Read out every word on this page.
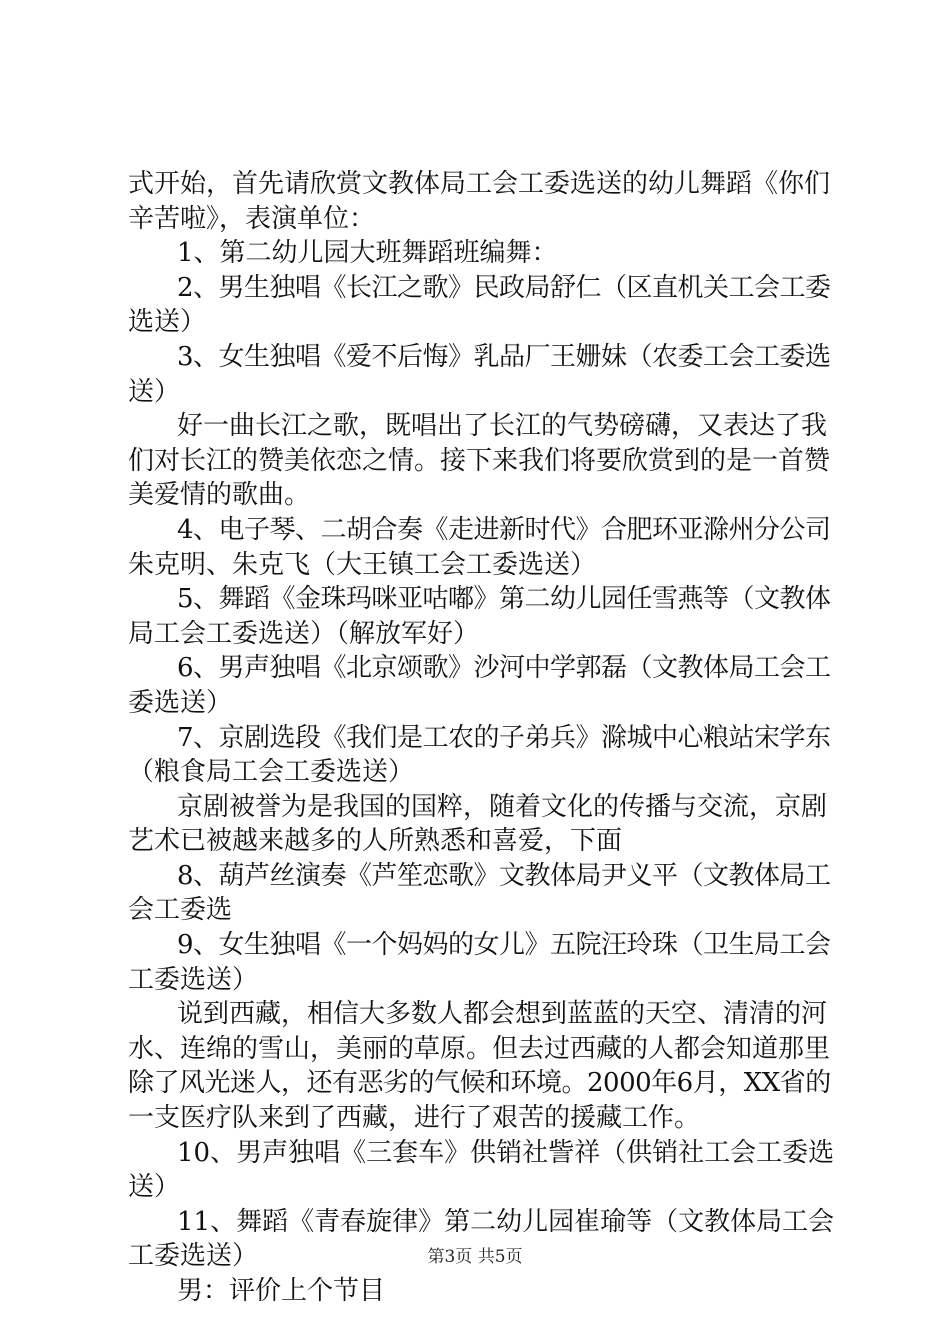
式开始，首先请欣赏文教体局工会工委选送的幼儿舞蹈《你们
辛苦啦》，表演单位：
1、第二幼儿园大班舞蹈班编舞：
2、男生独唱《长江之歌》民政局舒仁（区直机关工会工委
选送）
3、女生独唱《爱不后悔》乳品厂王姗妹（农委工会工委选
送）
好一曲长江之歌，既唱出了长江的气势磅礴，又表达了我
们对长江的赞美依恋之情。接下来我们将要欣赏到的是一首赞
美爱情的歌曲。
4、电子琴、二胡合奏《走进新时代》合肥环亚滁州分公司
朱克明、朱克飞（大王镇工会工委选送）
5、舞蹈《金珠玛咪亚咕嘟》第二幼儿园任雪燕等（文教体
局工会工委选送）（解放军好）
6、男声独唱《北京颂歌》沙河中学郭磊（文教体局工会工
委选送）
7、京剧选段《我们是工农的子弟兵》滁城中心粮站宋学东
（粮食局工会工委选送）
京剧被誉为是我国的国粹，随着文化的传播与交流，京剧
艺术已被越来越多的人所熟悉和喜爱，下面
8、葫芦丝演奏《芦笙恋歌》文教体局尹义平（文教体局工
会工委选
9、女生独唱《一个妈妈的女儿》五院汪玲珠（卫生局工会
工委选送）
说到西藏，相信大多数人都会想到蓝蓝的天空、清清的河
水、连绵的雪山，美丽的草原。但去过西藏的人都会知道那里
除了风光迷人，还有恶劣的气候和环境。2000年6月，XX省的
一支医疗队来到了西藏，进行了艰苦的援藏工作。
10、男声独唱《三套车》供销社訾祥（供销社工会工委选
送）
11、舞蹈《青春旋律》第二幼儿园崔瑜等（文教体局工会
工委选送）
男：评价上个节目
第3页 共5页
